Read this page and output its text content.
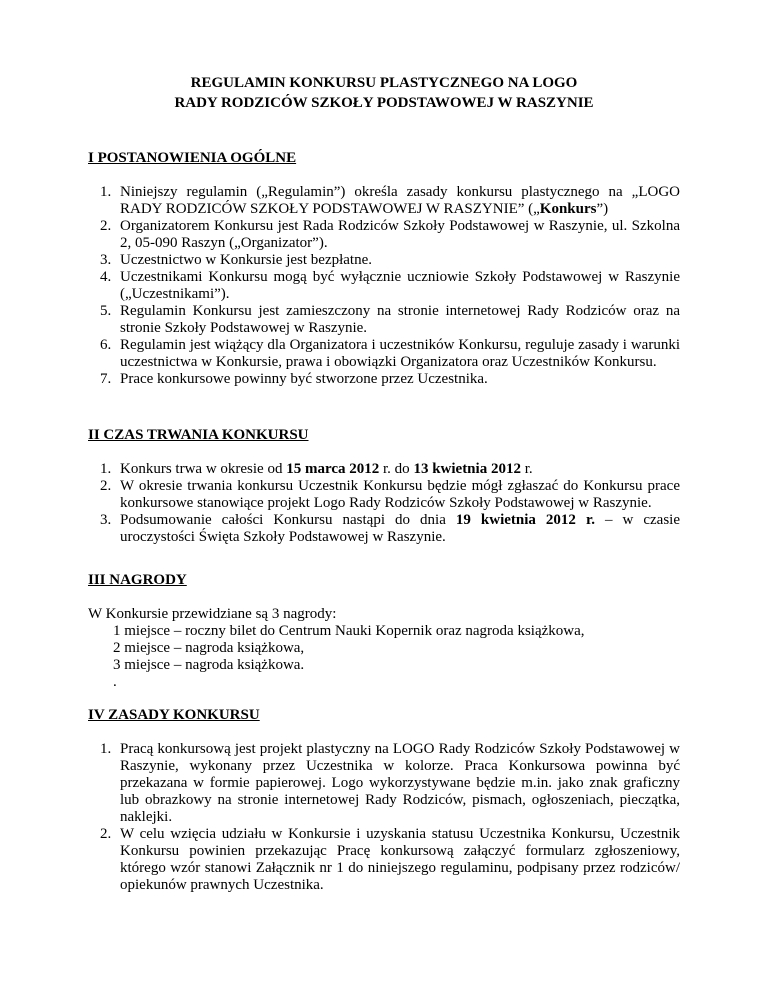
REGULAMIN KONKURSU PLASTYCZNEGO NA LOGO
RADY RODZICÓW SZKOŁY PODSTAWOWEJ W RASZYNIE

I POSTANOWIENIA OGÓLNE

1. Niniejszy regulamin („Regulamin”) określa zasady konkursu plastycznego na „LOGO RADY RODZICÓW SZKOŁY PODSTAWOWEJ W RASZYNIE” („Konkurs”)
2. Organizatorem Konkursu jest Rada Rodziców Szkoły Podstawowej w Raszynie, ul. Szkolna 2, 05-090 Raszyn („Organizator”).
3. Uczestnictwo w Konkursie jest bezpłatne.
4. Uczestnikami Konkursu mogą być wyłącznie uczniowie Szkoły Podstawowej w Raszynie („Uczestnikami”).
5. Regulamin Konkursu jest zamieszczony na stronie internetowej Rady Rodziców oraz na stronie Szkoły Podstawowej w Raszynie.
6. Regulamin jest wiążący dla Organizatora i uczestników Konkursu, reguluje zasady i warunki uczestnictwa w Konkursie, prawa i obowiązki Organizatora oraz Uczestników Konkursu.
7. Prace konkursowe powinny być stworzone przez Uczestnika.

II CZAS TRWANIA KONKURSU

1. Konkurs trwa w okresie od 15 marca 2012 r. do 13 kwietnia 2012 r.
2. W okresie trwania konkursu Uczestnik Konkursu będzie mógł zgłaszać do Konkursu prace konkursowe stanowiące projekt Logo Rady Rodziców Szkoły Podstawowej w Raszynie.
3. Podsumowanie całości Konkursu nastąpi do dnia 19 kwietnia 2012 r. – w czasie uroczystości Święta Szkoły Podstawowej w Raszynie.

III NAGRODY

W Konkursie przewidziane są 3 nagrody:

1 miejsce – roczny bilet do Centrum Nauki Kopernik oraz nagroda książkowa,

2 miejsce – nagroda książkowa,

3 miejsce – nagroda książkowa.

.

IV ZASADY KONKURSU

1. Pracą konkursową jest projekt plastyczny na LOGO Rady Rodziców Szkoły Podstawowej w Raszynie, wykonany przez Uczestnika w kolorze. Praca Konkursowa powinna być przekazana w formie papierowej. Logo wykorzystywane będzie m.in. jako znak graficzny lub obrazkowy na stronie internetowej Rady Rodziców, pismach, ogłoszeniach, pieczątka, naklejki.
2. W celu wzięcia udziału w Konkursie i uzyskania statusu Uczestnika Konkursu, Uczestnik Konkursu powinien przekazując Pracę konkursową załączyć formularz zgłoszeniowy, którego wzór stanowi Załącznik nr 1 do niniejszego regulaminu, podpisany przez rodziców/ opiekunów prawnych Uczestnika.
